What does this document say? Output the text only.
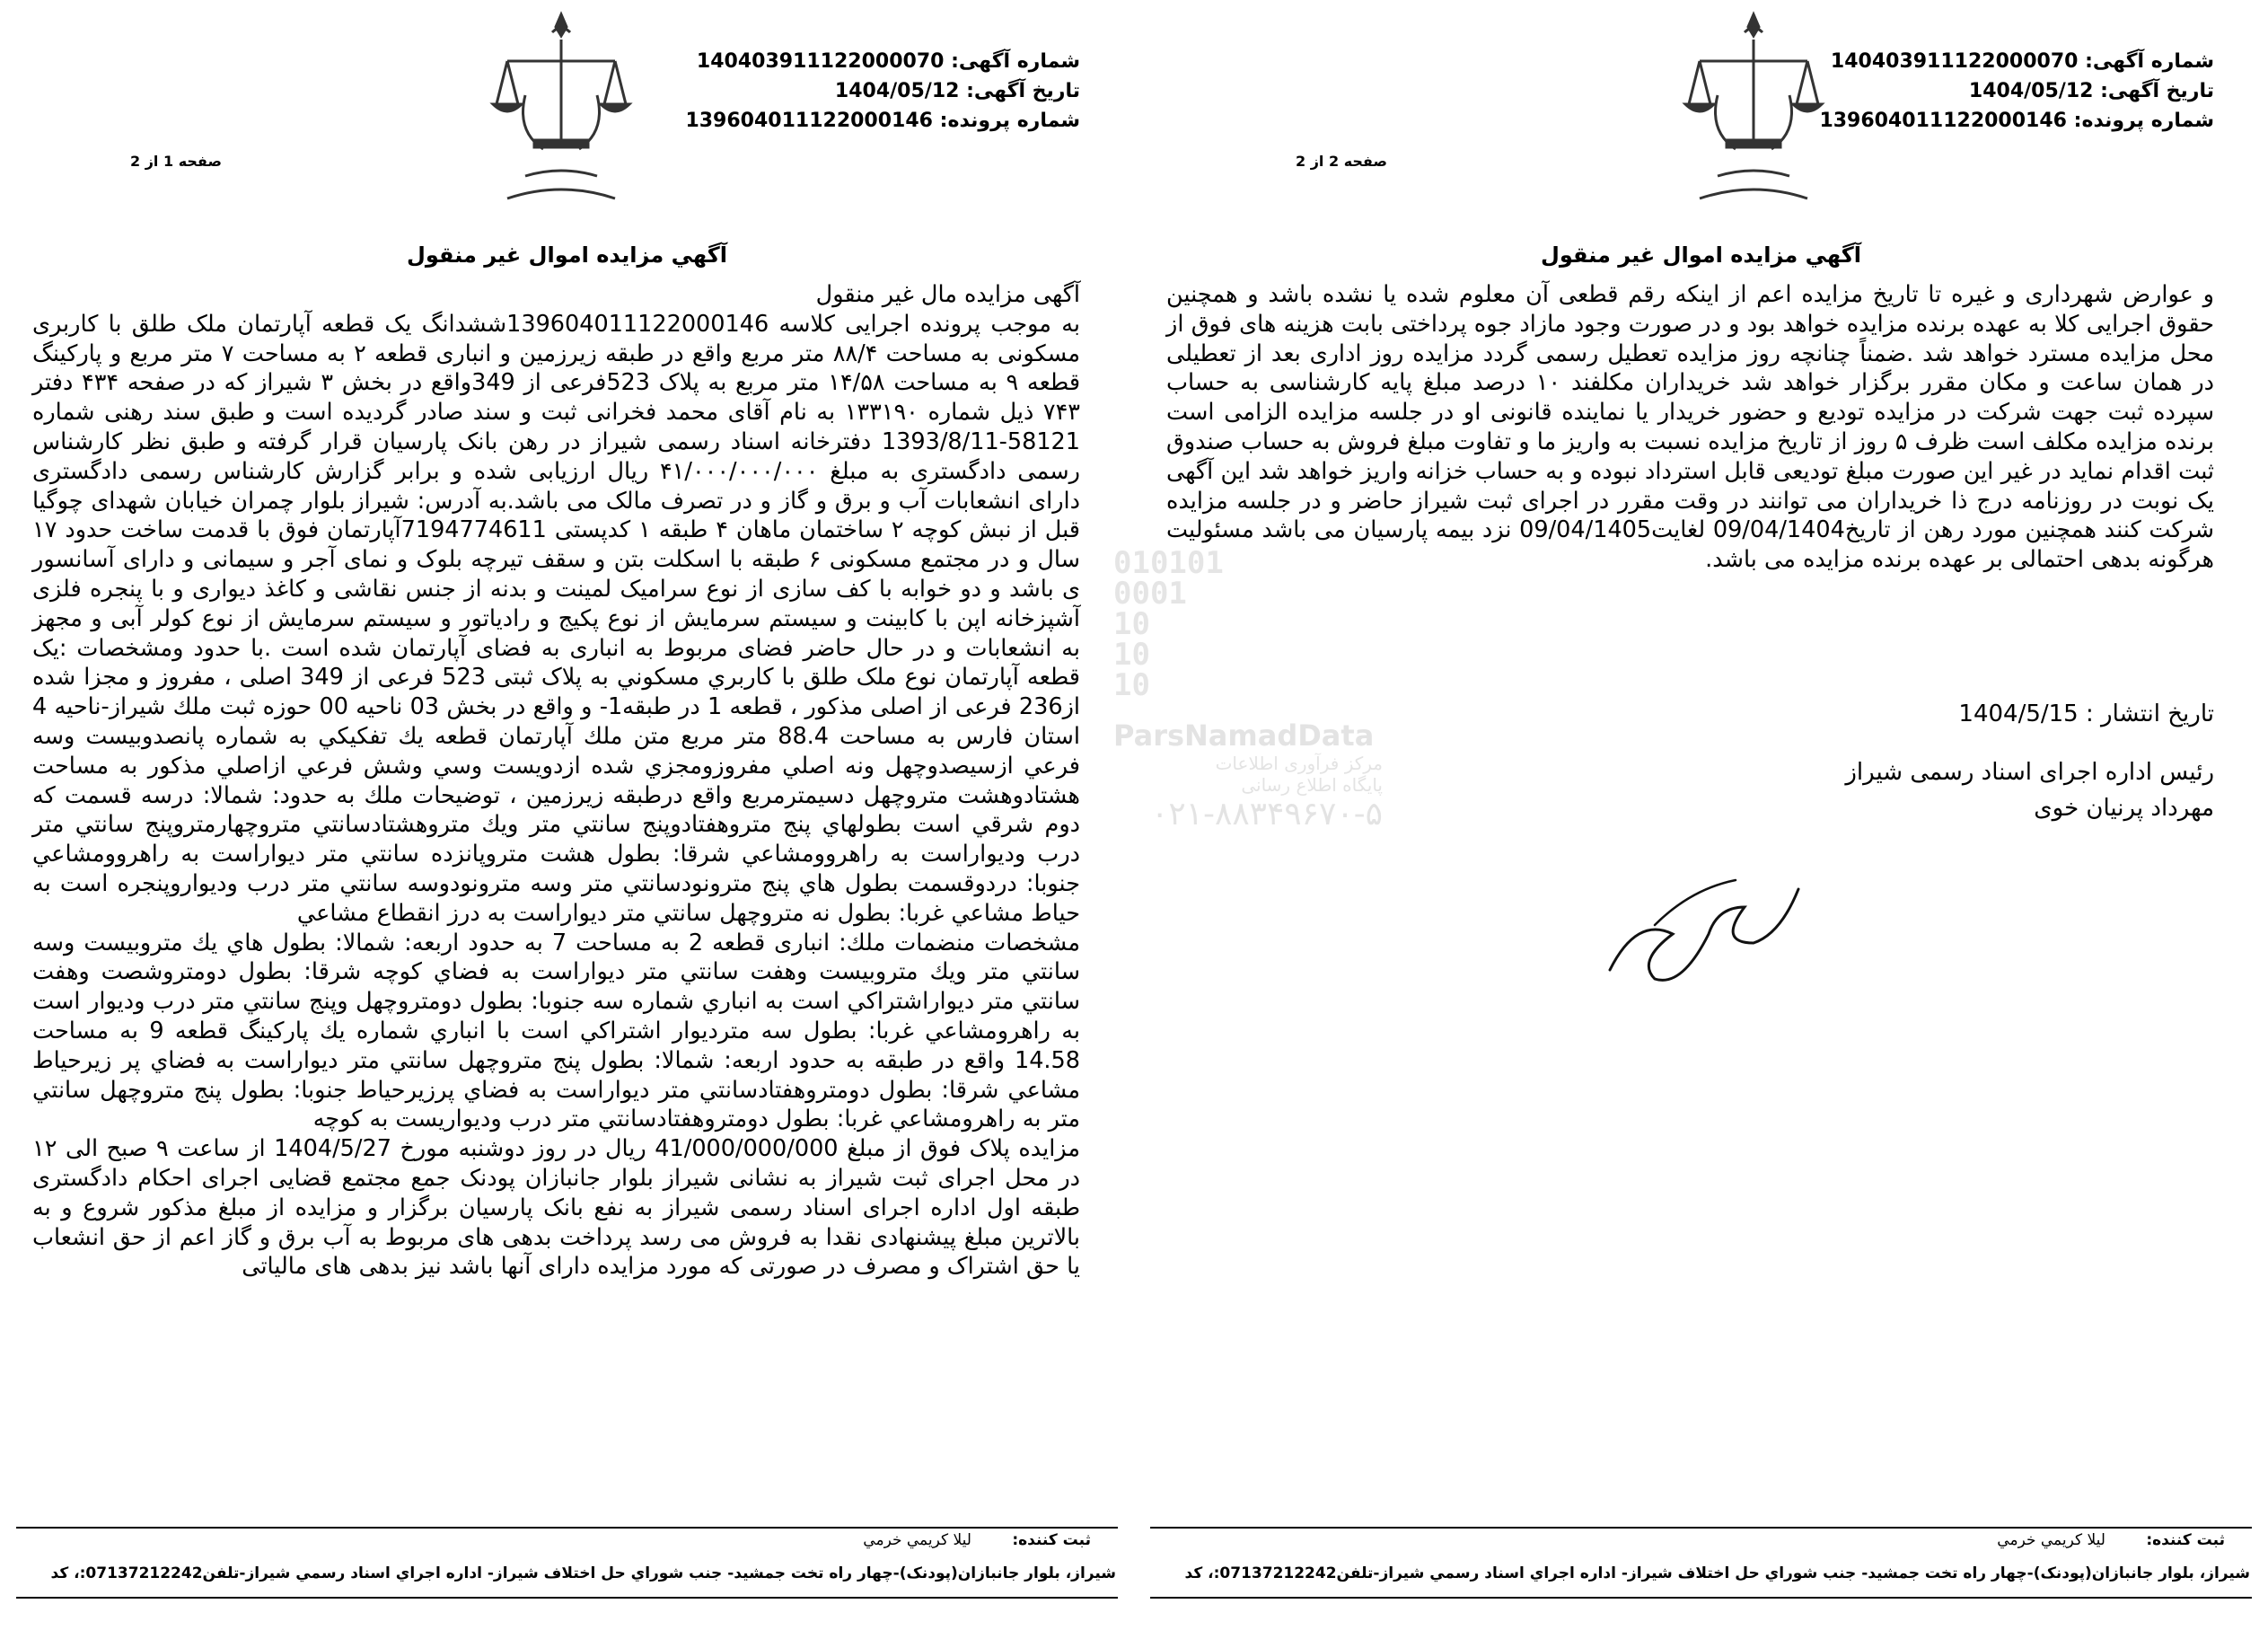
شماره آگهی: 140403911122000070
تاریخ آگهی: 1404/05/12
شماره پرونده: 139604011122000146
صفحه 1 از 2
آگهي مزايده اموال غير منقول

آگهی مزایده مال غیر منقول

به موجب پرونده اجرایی کلاسه 139604011122000146ششدانگ یک قطعه آپارتمان ملک طلق با کاربری مسکونی به مساحت ۸۸/۴ متر مربع واقع در طبقه زیرزمین و انباری قطعه ۲ به مساحت ۷ متر مربع و پارکینگ قطعه ۹ به مساحت ۱۴/۵۸ متر مربع به پلاک 523فرعی از 349واقع در بخش ۳ شیراز که در صفحه ۴۳۴ دفتر ۷۴۳ ذیل شماره ۱۳۳۱۹۰ به نام آقای محمد فخرانی ثبت و سند صادر گردیده است و طبق سند رهنی شماره 58121-1393/8/11 دفترخانه اسناد رسمی شیراز در رهن بانک پارسیان قرار گرفته و طبق نظر کارشناس رسمی دادگستری به مبلغ ۴۱/۰۰۰/۰۰۰/۰۰۰ ریال ارزیابی شده و برابر گزارش کارشناس رسمی دادگستری دارای انشعابات آب و برق و گاز و در تصرف مالک می باشد.به آدرس: شیراز بلوار چمران خیابان شهدای چوگیا قبل از نبش کوچه ۲ ساختمان ماهان ۴ طبقه ۱ کدپستی 7194774611آپارتمان فوق با قدمت ساخت حدود ۱۷ سال و در مجتمع مسکونی ۶ طبقه با اسکلت بتن و سقف تیرچه بلوک و نمای آجر و سیمانی و دارای آسانسور ی باشد و دو خوابه با کف سازی از نوع سرامیک لمینت و بدنه از جنس نقاشی و کاغذ دیواری و با پنجره فلزی آشپزخانه اپن با کابینت و سیستم سرمایش از نوع پکیج و رادیاتور و سیستم سرمایش از نوع کولر آبی و مجهز به انشعابات و در حال حاضر فضای مربوط به انباری به فضای آپارتمان شده است .با حدود ومشخصات :یک قطعه آپارتمان نوع ملک طلق با کاربري مسکوني به پلاک ثبتی 523 فرعی از 349 اصلی ، مفروز و مجزا شده از236 فرعی از اصلی مذکور ، قطعه 1 در طبقه1- و واقع در بخش 03 ناحیه 00 حوزه ثبت ملك شیراز-ناحیه 4 استان فارس به مساحت 88.4 متر مربع متن ملك آپارتمان قطعه يك تفكيكي به شماره پانصدوبيست وسه فرعي ازسيصدوچهل ونه اصلي مفروزومجزي شده ازدويست وسي وشش فرعي ازاصلي مذكور به مساحت هشتادوهشت متروچهل دسيمترمربع واقع درطبقه زيرزمين ، توضيحات ملك به حدود: شمالا: درسه قسمت كه دوم شرقي است بطولهاي پنج متروهفتادوپنج سانتي متر ويك متروهشتادسانتي متروچهارمتروپنج سانتي متر درب وديواراست به راهروومشاعي شرقا: بطول هشت متروپانزده سانتي متر ديواراست به راهروومشاعي جنوبا: دردوقسمت بطول هاي پنج مترونودسانتي متر وسه مترونودوسه سانتي متر درب وديوارو‌پنجره است به حياط مشاعي غربا: بطول نه متروچهل سانتي متر ديواراست به درز انقطاع مشاعي

مشخصات منضمات ملك: انباری قطعه 2 به مساحت 7 به حدود اربعه: شمالا: بطول هاي يك متروبيست وسه سانتي متر ويك متروبيست وهفت سانتي متر ديواراست به فضاي كوچه شرقا: بطول دومتروشصت وهفت سانتي متر ديواراشتراكي است به انباري شماره سه جنوبا: بطول دومتروچهل وپنج سانتي متر درب وديوار است به راهرومشاعي غربا: بطول سه متر‌ديوار اشتراكي است با انباري شماره يك پاركينگ قطعه 9 به مساحت 14.58 واقع در طبقه به حدود اربعه: شمالا: بطول پنج متروچهل سانتي متر ديواراست به فضاي پر زيرحياط مشاعي شرقا: بطول دومتروهفتادسانتي متر ديواراست به فضاي پرزيرحياط جنوبا: بطول پنج متروچهل سانتي متر به راهرومشاعي غربا: بطول دومتروهفتادسانتي متر درب وديواريست به كوچه

مزایده پلاک فوق از مبلغ 41/000/000/000 ریال در روز دوشنبه مورخ 1404/5/27 از ساعت ۹ صبح الی ۱۲ در محل اجرای ثبت شیراز به نشانی شیراز بلوار جانبازان پودنک جمع مجتمع قضایی اجرای احکام دادگستری طبقه اول اداره اجرای اسناد رسمی شیراز به نفع بانک پارسیان برگزار و مزایده از مبلغ مذکور شروع و به بالاترین مبلغ پیشنهادی نقدا به فروش می رسد پرداخت بدهی های مربوط به آب برق و گاز اعم از حق انشعاب یا حق اشتراک و مصرف در صورتی که مورد مزایده دارای آنها باشد نیز بدهی های مالیاتی

ثبت کننده: ليلا كريمي خرمي
شيراز، بلوار جانبازان(پودنک)-چهار راه تخت جمشيد- جنب شوراي حل اختلاف شيراز- اداره اجراي اسناد رسمي شيراز-تلفن07137212242:، کد
شماره آگهی: 140403911122000070
تاریخ آگهی: 1404/05/12
شماره پرونده: 139604011122000146
صفحه 2 از 2
آگهي مزايده اموال غير منقول

و عوارض شهرداری و غیره تا تاریخ مزایده اعم از اینکه رقم قطعی آن معلوم شده یا نشده باشد و همچنین حقوق اجرایی کلا به عهده برنده مزایده خواهد بود و در صورت وجود مازاد جوه پرداختی بابت هزینه های فوق از محل مزایده مسترد خواهد شد .ضمناً چنانچه روز مزایده تعطیل رسمی گردد مزایده روز اداری بعد از تعطیلی در همان ساعت و مکان مقرر برگزار خواهد شد خریداران مکلفند ۱۰ درصد مبلغ پایه کارشناسی به حساب سپرده ثبت جهت شرکت در مزایده تودیع و حضور خریدار یا نماینده قانونی او در جلسه مزایده الزامی است برنده مزایده مکلف است ظرف ۵ روز از تاریخ مزایده نسبت به واریز ما و تفاوت مبلغ فروش به حساب صندوق ثبت اقدام نماید در غیر این صورت مبلغ تودیعی قابل استرداد نبوده و به حساب خزانه واریز خواهد شد این آگهی یک نوبت در روزنامه درج ذا خریداران می توانند در وقت مقرر در اجرای ثبت شیراز حاضر و در جلسه مزایده شرکت کنند همچنین مورد رهن از تاریخ09/04/1404 لغایت09/04/1405 نزد بیمه پارسیان می باشد مسئولیت هرگونه بدهی احتمالی بر عهده برنده مزایده می باشد.

تاریخ انتشار : 1404/5/15
رئیس اداره اجرای اسناد رسمی شیراز
مهرداد پرنیان خوی
ثبت کننده: ليلا كريمي خرمي
شيراز، بلوار جانبازان(پودنک)-چهار راه تخت جمشيد- جنب شوراي حل اختلاف شيراز- اداره اجراي اسناد رسمي شيراز-تلفن07137212242:، کد
010101
0001
10
10
10
ParsNamadData
مرکز فرآوری اطلاعات
پایگاه اطلاع رسانی
۰۲۱-۸۸۳۴۹۶۷۰-۵
